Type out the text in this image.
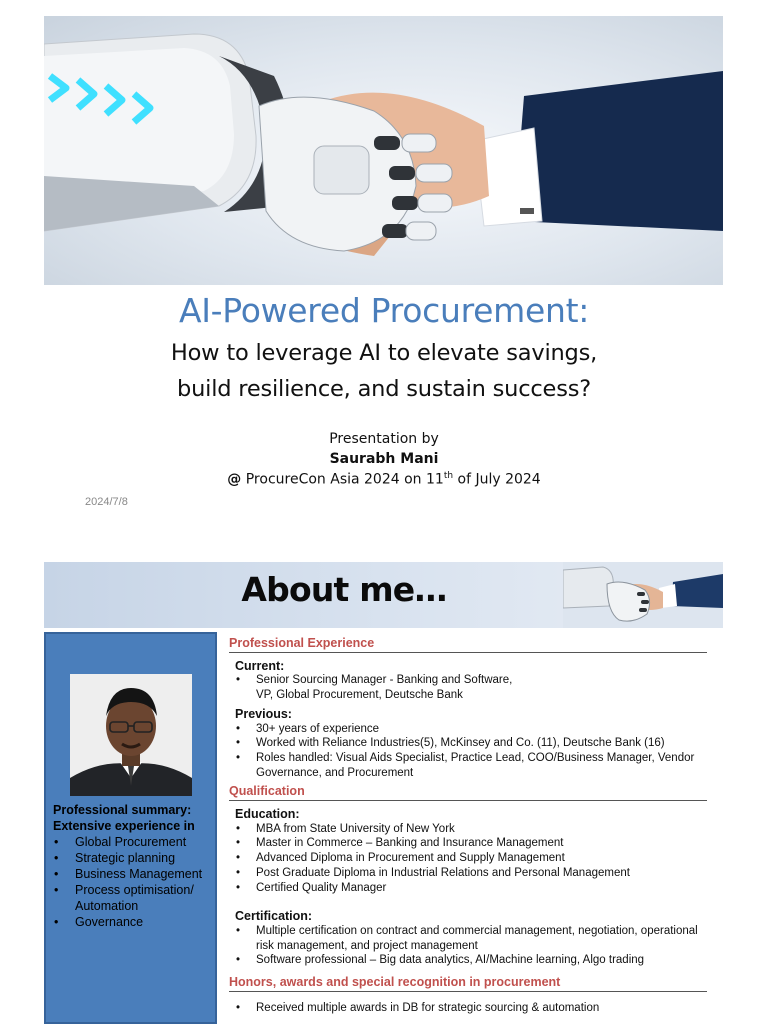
AI-Powered Procurement:
How to leverage AI to elevate savings,
build resilience, and sustain success?
Presentation by
Saurabh Mani
@ ProcureCon Asia 2024 on 11th of July 2024
2024/7/8
About me…
Professional summary: Extensive experience in
• Global Procurement
• Strategic planning
• Business Management
• Process optimisation/ Automation
• Governance
Professional Experience
Current:
• Senior Sourcing Manager - Banking and Software,
VP, Global Procurement, Deutsche Bank
Previous:
• 30+ years of experience
• Worked with Reliance Industries(5), McKinsey and Co. (11), Deutsche Bank (16)
• Roles handled: Visual Aids Specialist, Practice Lead, COO/Business Manager, Vendor Governance, and Procurement
Qualification
Education:
• MBA from State University of New York
• Master in Commerce – Banking and Insurance Management
• Advanced Diploma in Procurement and Supply Management
• Post Graduate Diploma in Industrial Relations and Personal Management
• Certified Quality Manager
Certification:
• Multiple certification on contract and commercial management, negotiation, operational risk management, and project management
• Software professional – Big data analytics, AI/Machine learning, Algo trading
Honors, awards and special recognition in procurement
• Received multiple awards in DB for strategic sourcing & automation
